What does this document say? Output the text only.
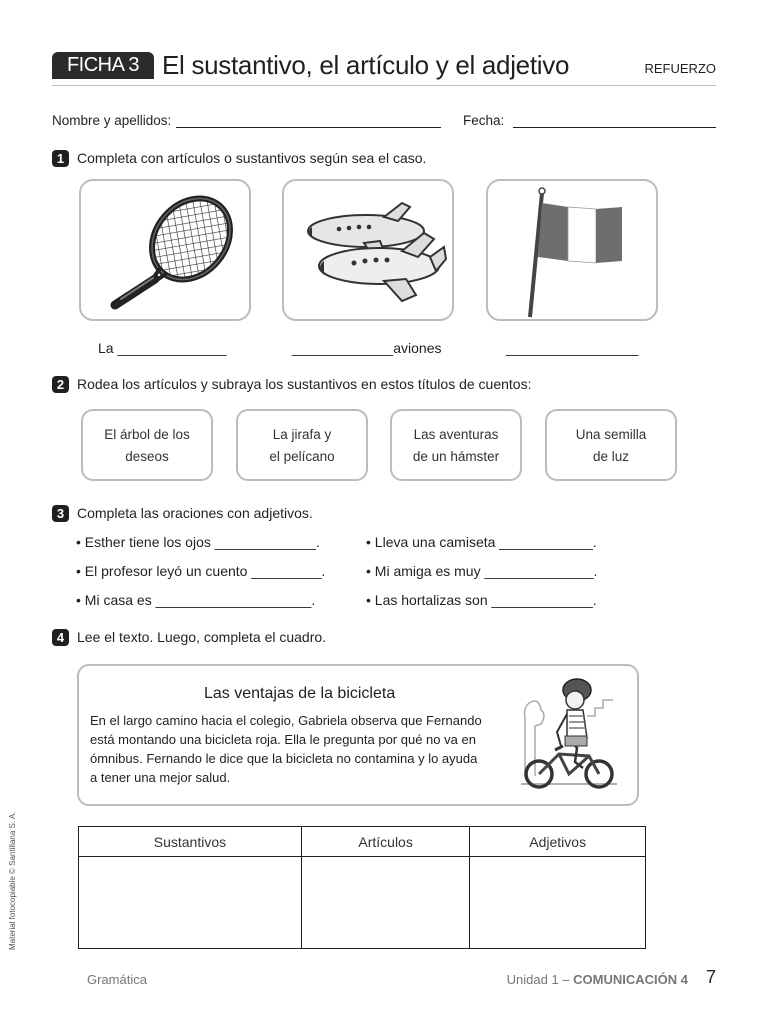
FICHA 3 El sustantivo, el artículo y el adjetivo	REFUERZO
Nombre y apellidos:	Fecha:
1 Completa con artículos o sustantivos según sea el caso.
La ______________	_____________aviones	_________________
2 Rodea los artículos y subraya los sustantivos en estos títulos de cuentos:
El árbol de los
deseos
La jirafa y
el pelícano
Las aventuras
de un hámster
Una semilla
de luz
3 Completa las oraciones con adjetivos.
• Esther tiene los ojos _____________.
• El profesor leyó un cuento _________.
• Mi casa es ____________________.
• Lleva una camiseta ____________.
• Mi amiga es muy ______________.
• Las hortalizas son _____________.
4 Lee el texto. Luego, completa el cuadro.
Las ventajas de la bicicleta
En el largo camino hacia el colegio, Gabriela observa que Fernando
está montando una bicicleta roja. Ella le pregunta por qué no va en
ómnibus. Fernando le dice que la bicicleta no contamina y lo ayuda
a tener una mejor salud.
Sustantivos	Artículos	Adjetivos

Material fotocopiable © Santillana S. A.
Gramática	Unidad 1 – COMUNICACIÓN 4 7
